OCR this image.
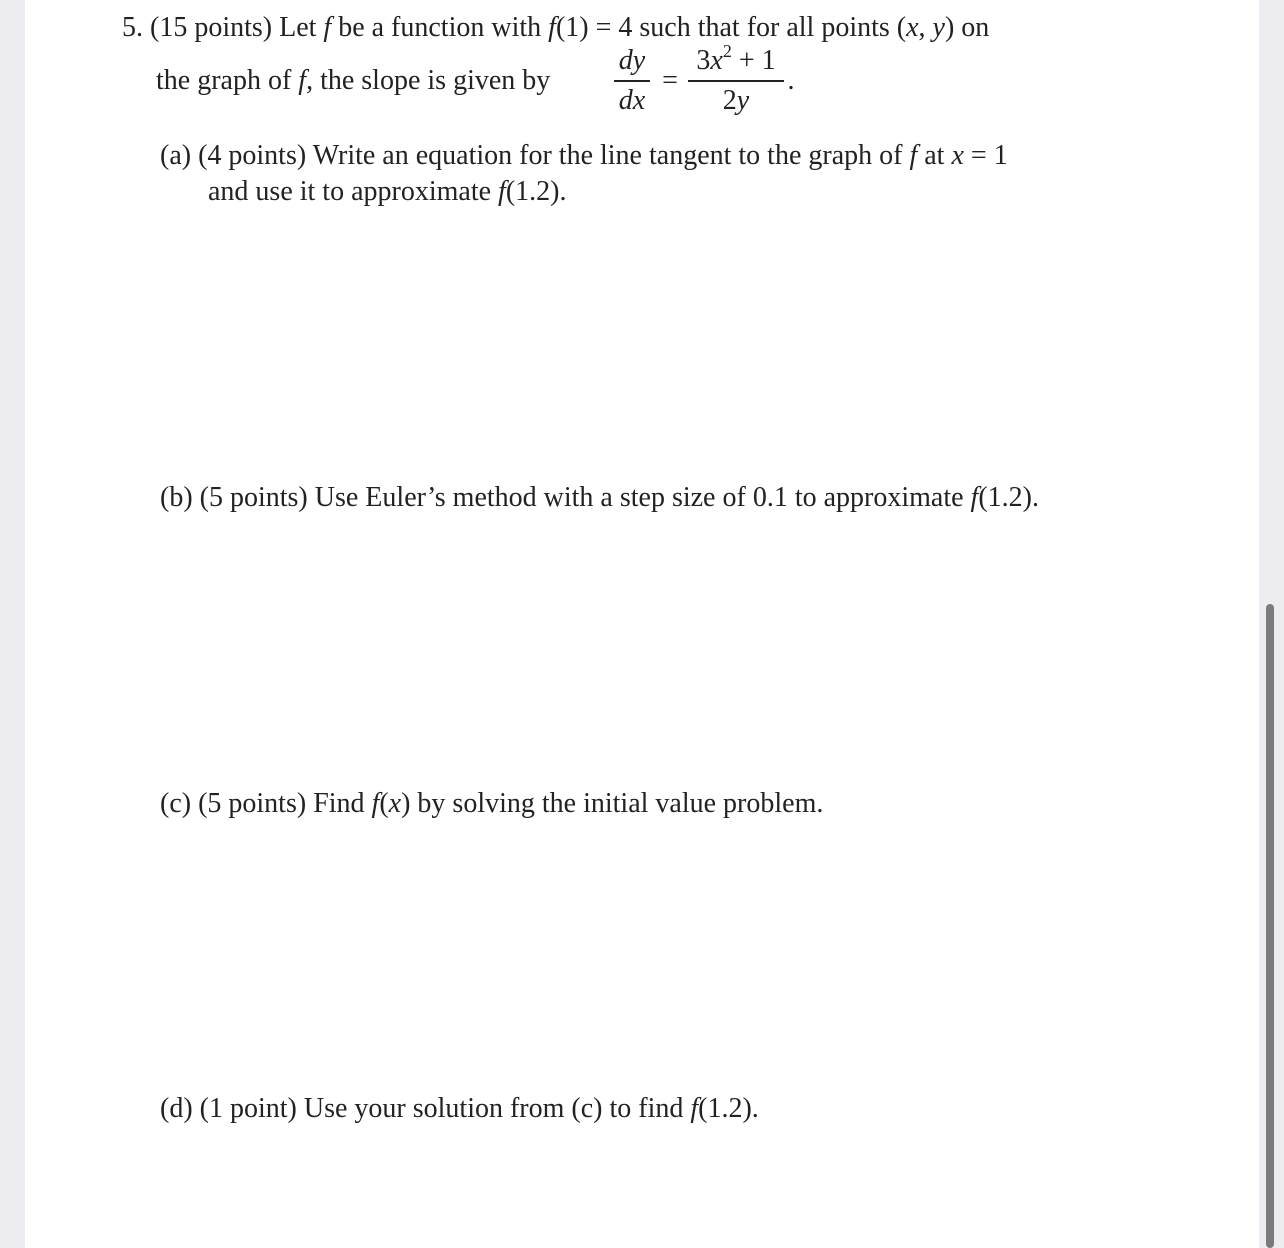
5. (15 points) Let f be a function with f(1) = 4 such that for all points (x, y) on
the graph of f, the slope is given by
dy
dx
=
$3x^2 + 1$
2y
.
(a) (4 points) Write an equation for the line tangent to the graph of f at x = 1
and use it to approximate f(1.2).
(b) (5 points) Use Euler’s method with a step size of 0.1 to approximate f(1.2).
(c) (5 points) Find f(x) by solving the initial value problem.
(d) (1 point) Use your solution from (c) to find f(1.2).
